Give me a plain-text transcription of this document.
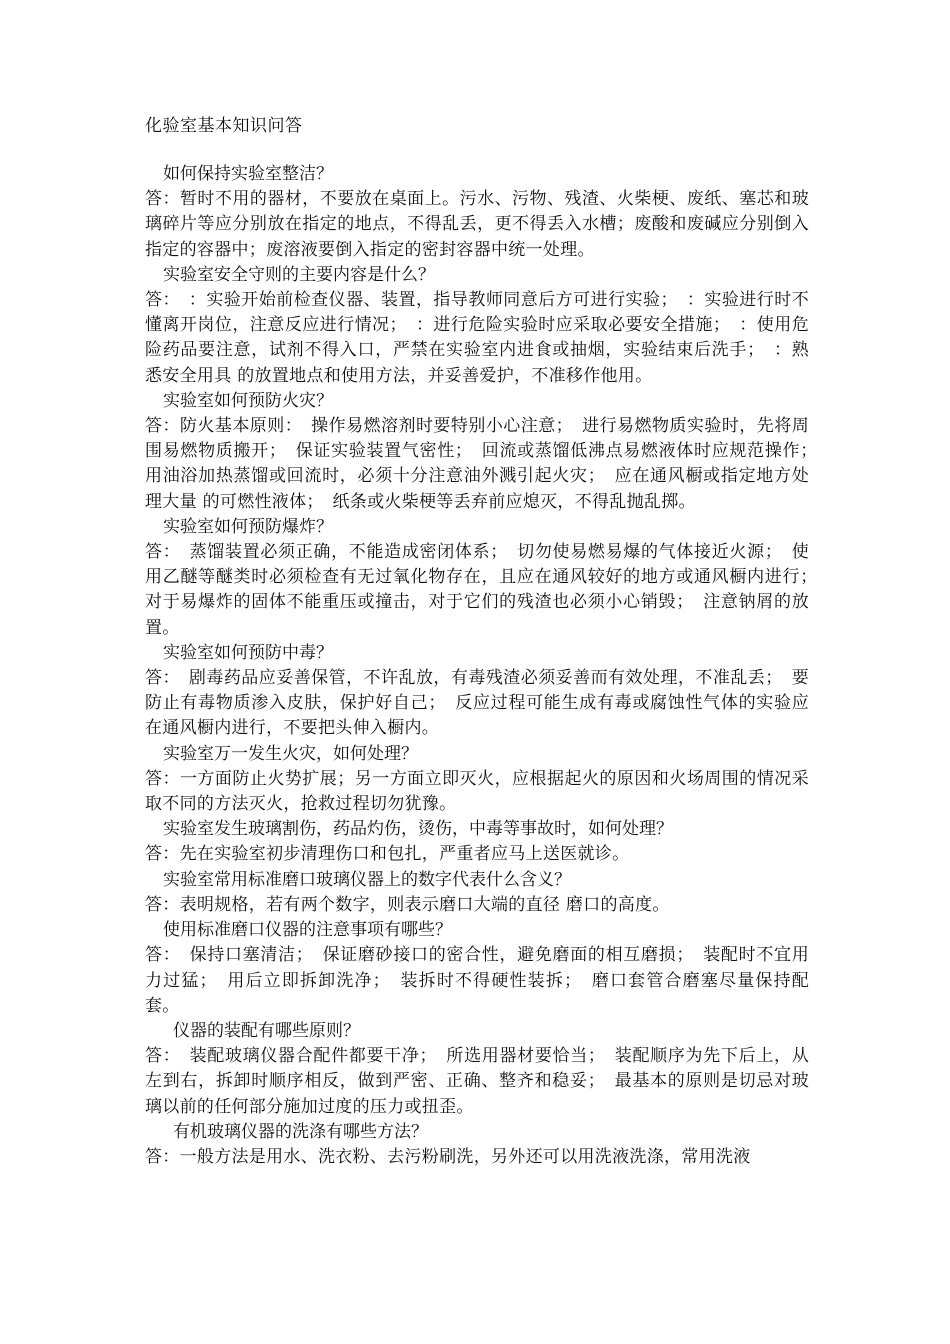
化验室基本知识问答
如何保持实验室整洁？
答：暂时不用的器材，不要放在桌面上。污水、污物、残渣、火柴梗、废纸、塞芯和玻璃碎片等应分别放在指定的地点，不得乱丢，更不得丢入水槽；废酸和废碱应分别倒入指定的容器中；废溶液要倒入指定的密封容器中统一处理。
实验室安全守则的主要内容是什么？
答：　：实验开始前检查仪器、装置，指导教师同意后方可进行实验；　：实验进行时不懂离开岗位，注意反应进行情况；　：进行危险实验时应采取必要安全措施；　：使用危险药品要注意，试剂不得入口，严禁在实验室内进食或抽烟，实验结束后洗手；　：熟悉安全用具 的放置地点和使用方法，并妥善爱护，不准移作他用。
实验室如何预防火灾？
答：防火基本原则：　操作易燃溶剂时要特别小心注意；　进行易燃物质实验时，先将周围易燃物质搬开；　保证实验装置气密性；　回流或蒸馏低沸点易燃液体时应规范操作；　用油浴加热蒸馏或回流时，必须十分注意油外溅引起火灾；　应在通风橱或指定地方处理大量 的可燃性液体；　纸条或火柴梗等丢弃前应熄灭，不得乱抛乱掷。
实验室如何预防爆炸？
答：　蒸馏装置必须正确，不能造成密闭体系；　切勿使易燃易爆的气体接近火源；　使用乙醚等醚类时必须检查有无过氧化物存在，且应在通风较好的地方或通风橱内进行；　对于易爆炸的固体不能重压或撞击，对于它们的残渣也必须小心销毁；　注意钠屑的放置。
实验室如何预防中毒？
答：　剧毒药品应妥善保管，不许乱放，有毒残渣必须妥善而有效处理，不准乱丢；　要防止有毒物质渗入皮肤，保护好自己；　反应过程可能生成有毒或腐蚀性气体的实验应在通风橱内进行，不要把头伸入橱内。
实验室万一发生火灾，如何处理？
答：一方面防止火势扩展；另一方面立即灭火，应根据起火的原因和火场周围的情况采取不同的方法灭火，抢救过程切勿犹豫。
实验室发生玻璃割伤，药品灼伤，烫伤，中毒等事故时，如何处理？
答：先在实验室初步清理伤口和包扎，严重者应马上送医就诊。
实验室常用标准磨口玻璃仪器上的数字代表什么含义？
答：表明规格，若有两个数字，则表示磨口大端的直径 磨口的高度。
使用标准磨口仪器的注意事项有哪些？
答：　保持口塞清洁；　保证磨砂接口的密合性，避免磨面的相互磨损；　装配时不宜用力过猛；　用后立即拆卸洗净；　装拆时不得硬性装拆；　磨口套管合磨塞尽量保持配套。
仪器的装配有哪些原则？
答：　装配玻璃仪器合配件都要干净；　所选用器材要恰当；　装配顺序为先下后上，从左到右，拆卸时顺序相反，做到严密、正确、整齐和稳妥；　最基本的原则是切忌对玻璃以前的任何部分施加过度的压力或扭歪。
有机玻璃仪器的洗涤有哪些方法？
答：一般方法是用水、洗衣粉、去污粉刷洗，另外还可以用洗液洗涤，常用洗液
